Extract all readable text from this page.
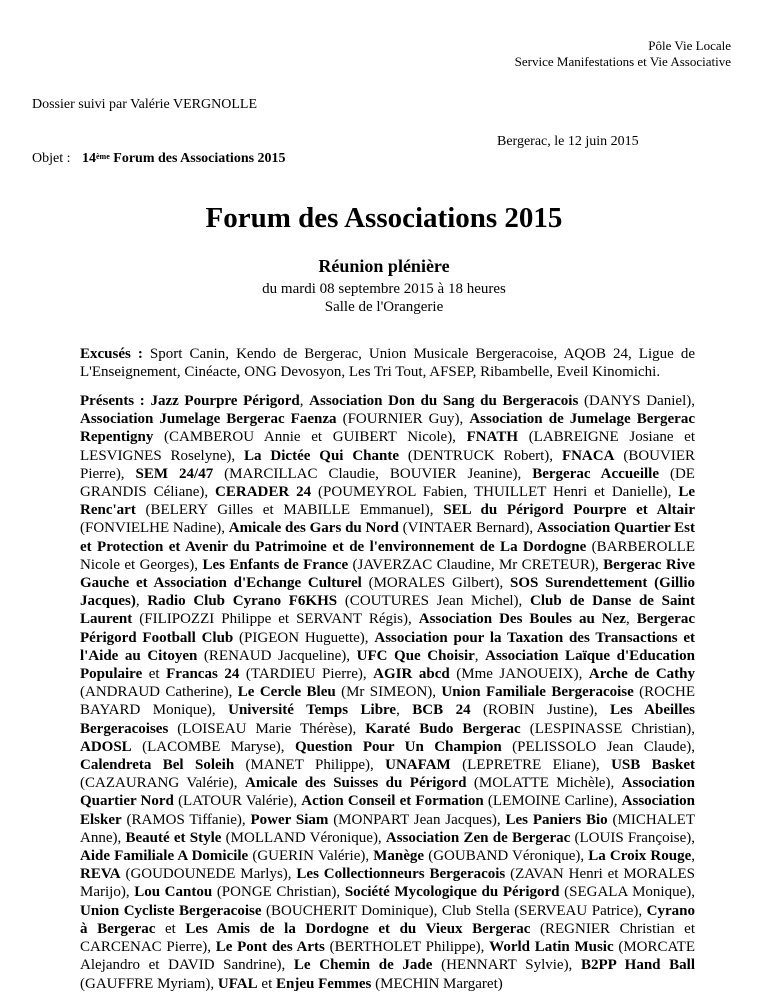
Pôle Vie Locale
Service Manifestations et Vie Associative
Dossier suivi par Valérie VERGNOLLE
Bergerac, le 12 juin 2015
Objet : 14ème Forum des Associations 2015
Forum des Associations 2015
Réunion plénière
du mardi 08 septembre 2015 à 18 heures
Salle de l'Orangerie
Excusés : Sport Canin, Kendo de Bergerac, Union Musicale Bergeracoise, AQOB 24, Ligue de L'Enseignement, Cinéacte, ONG Devosyon, Les Tri Tout, AFSEP, Ribambelle, Eveil Kinomichi.
Présents : Jazz Pourpre Périgord, Association Don du Sang du Bergeracois (DANYS Daniel), Association Jumelage Bergerac Faenza (FOURNIER Guy), Association de Jumelage Bergerac Repentigny (CAMBEROU Annie et GUIBERT Nicole), FNATH (LABREIGNE Josiane et LESVIGNES Roselyne), La Dictée Qui Chante (DENTRUCK Robert), FNACA (BOUVIER Pierre), SEM 24/47 (MARCILLAC Claudie, BOUVIER Jeanine), Bergerac Accueille (DE GRANDIS Céliane), CERADER 24 (POUMEYROL Fabien, THUILLET Henri et Danielle), Le Renc'art (BELERY Gilles et MABILLE Emmanuel), SEL du Périgord Pourpre et Altair (FONVIELHE Nadine), Amicale des Gars du Nord (VINTAER Bernard), Association Quartier Est et Protection et Avenir du Patrimoine et de l'environnement de La Dordogne (BARBEROLLE Nicole et Georges), Les Enfants de France (JAVERZAC Claudine, Mr CRETEUR), Bergerac Rive Gauche et Association d'Echange Culturel (MORALES Gilbert), SOS Surendettement (Gillio Jacques), Radio Club Cyrano F6KHS (COUTURES Jean Michel), Club de Danse de Saint Laurent (FILIPOZZI Philippe et SERVANT Régis), Association Des Boules au Nez, Bergerac Périgord Football Club (PIGEON Huguette), Association pour la Taxation des Transactions et l'Aide au Citoyen (RENAUD Jacqueline), UFC Que Choisir, Association Laïque d'Education Populaire et Francas 24 (TARDIEU Pierre), AGIR abcd (Mme JANOUEIX), Arche de Cathy (ANDRAUD Catherine), Le Cercle Bleu (Mr SIMEON), Union Familiale Bergeracoise (ROCHE BAYARD Monique), Université Temps Libre, BCB 24 (ROBIN Justine), Les Abeilles Bergeracoises (LOISEAU Marie Thérèse), Karaté Budo Bergerac (LESPINASSE Christian), ADOSL (LACOMBE Maryse), Question Pour Un Champion (PELISSOLO Jean Claude), Calendreta Bel Soleih (MANET Philippe), UNAFAM (LEPRETRE Eliane), USB Basket (CAZAURANG Valérie), Amicale des Suisses du Périgord (MOLATTE Michèle), Association Quartier Nord (LATOUR Valérie), Action Conseil et Formation (LEMOINE Carline), Association Elsker (RAMOS Tiffanie), Power Siam (MONPART Jean Jacques), Les Paniers Bio (MICHALET Anne), Beauté et Style (MOLLAND Véronique), Association Zen de Bergerac (LOUIS Françoise), Aide Familiale A Domicile (GUERIN Valérie), Manège (GOUBAND Véronique), La Croix Rouge, REVA (GOUDOUNEDE Marlys), Les Collectionneurs Bergeracois (ZAVAN Henri et MORALES Marijo), Lou Cantou (PONGE Christian), Société Mycologique du Périgord (SEGALA Monique), Union Cycliste Bergeracoise (BOUCHERIT Dominique), Club Stella (SERVEAU Patrice), Cyrano à Bergerac et Les Amis de la Dordogne et du Vieux Bergerac (REGNIER Christian et CARCENAC Pierre), Le Pont des Arts (BERTHOLET Philippe), World Latin Music (MORCATE Alejandro et DAVID Sandrine), Le Chemin de Jade (HENNART Sylvie), B2PP Hand Ball (GAUFFRE Myriam), UFAL et Enjeu Femmes (MECHIN Margaret)
